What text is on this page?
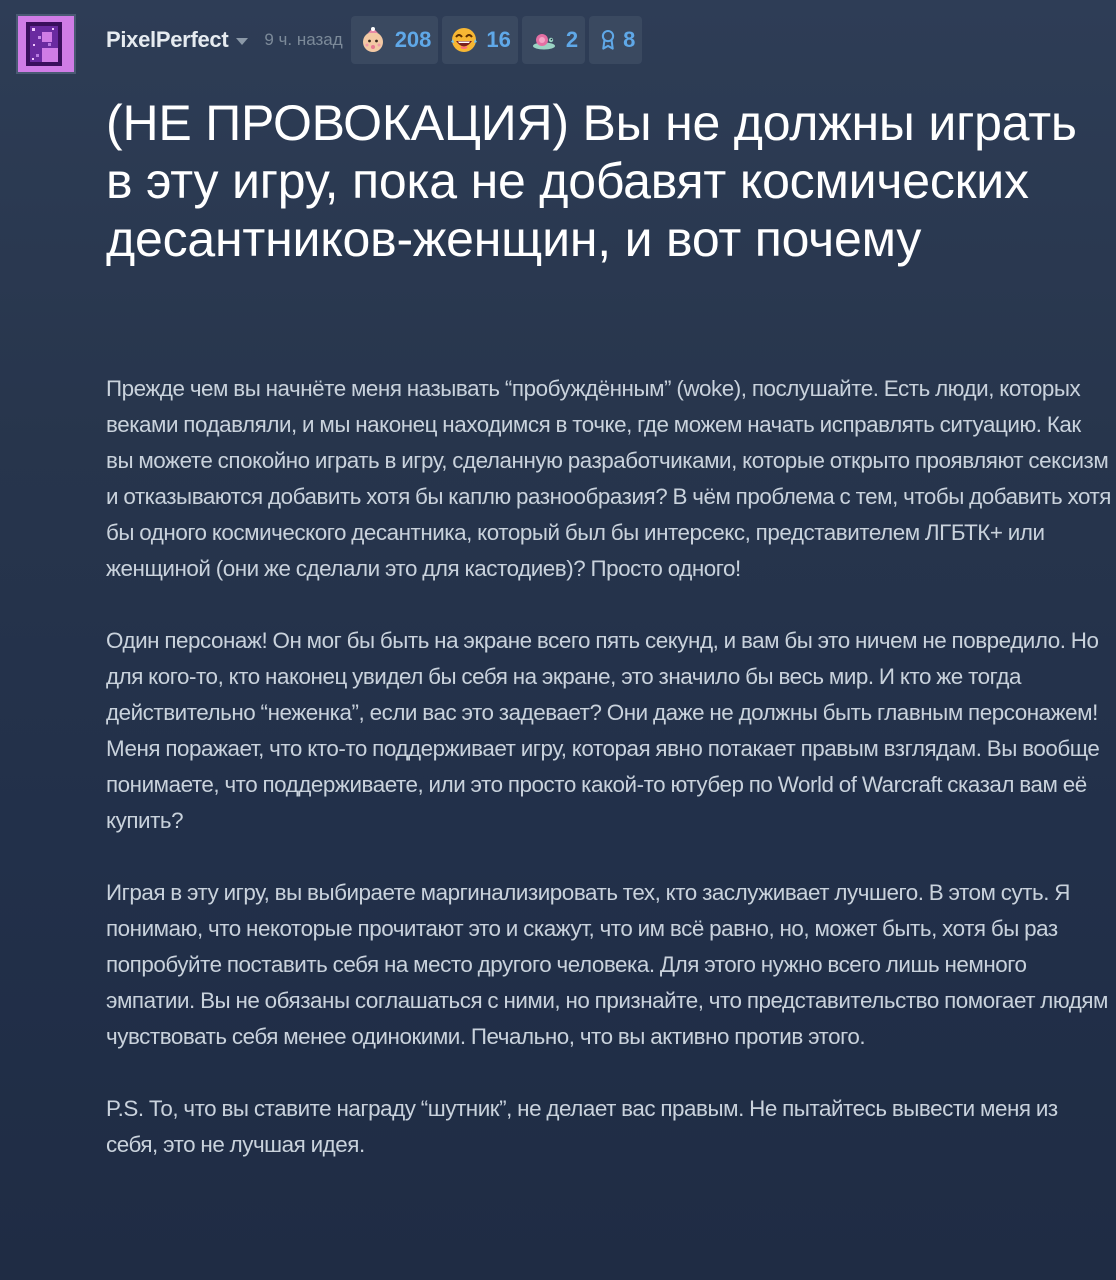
PixelPerfect 9 ч. назад 208	16	2 8
(НЕ ПРОВОКАЦИЯ) Вы не должны играть в эту игру, пока не добавят космических десантников-женщин, и вот почему

Прежде чем вы начнёте меня называть “пробуждённым” (woke), послушайте. Есть люди, которых веками подавляли, и мы наконец находимся в точке, где можем начать исправлять ситуацию. Как вы можете спокойно играть в игру, сделанную разработчиками, которые открыто проявляют сексизм и отказываются добавить хотя бы каплю разнообразия? В чём проблема с тем, чтобы добавить хотя бы одного космического десантника, который был бы интерсекс, представителем ЛГБТК+ или женщиной (они же сделали это для кастодиев)? Просто одного!

Один персонаж! Он мог бы быть на экране всего пять секунд, и вам бы это ничем не повредило. Но для кого-то, кто наконец увидел бы себя на экране, это значило бы весь мир. И кто же тогда действительно “неженка”, если вас это задевает? Они даже не должны быть главным персонажем! Меня поражает, что кто-то поддерживает игру, которая явно потакает правым взглядам. Вы вообще понимаете, что поддерживаете, или это просто какой-то ютубер по World of Warcraft сказал вам её купить?

Играя в эту игру, вы выбираете маргинализировать тех, кто заслуживает лучшего. В этом суть. Я понимаю, что некоторые прочитают это и скажут, что им всё равно, но, может быть, хотя бы раз попробуйте поставить себя на место другого человека. Для этого нужно всего лишь немного эмпатии. Вы не обязаны соглашаться с ними, но признайте, что представительство помогает людям чувствовать себя менее одинокими. Печально, что вы активно против этого.

P.S. То, что вы ставите награду “шутник”, не делает вас правым. Не пытайтесь вывести меня из себя, это не лучшая идея.
